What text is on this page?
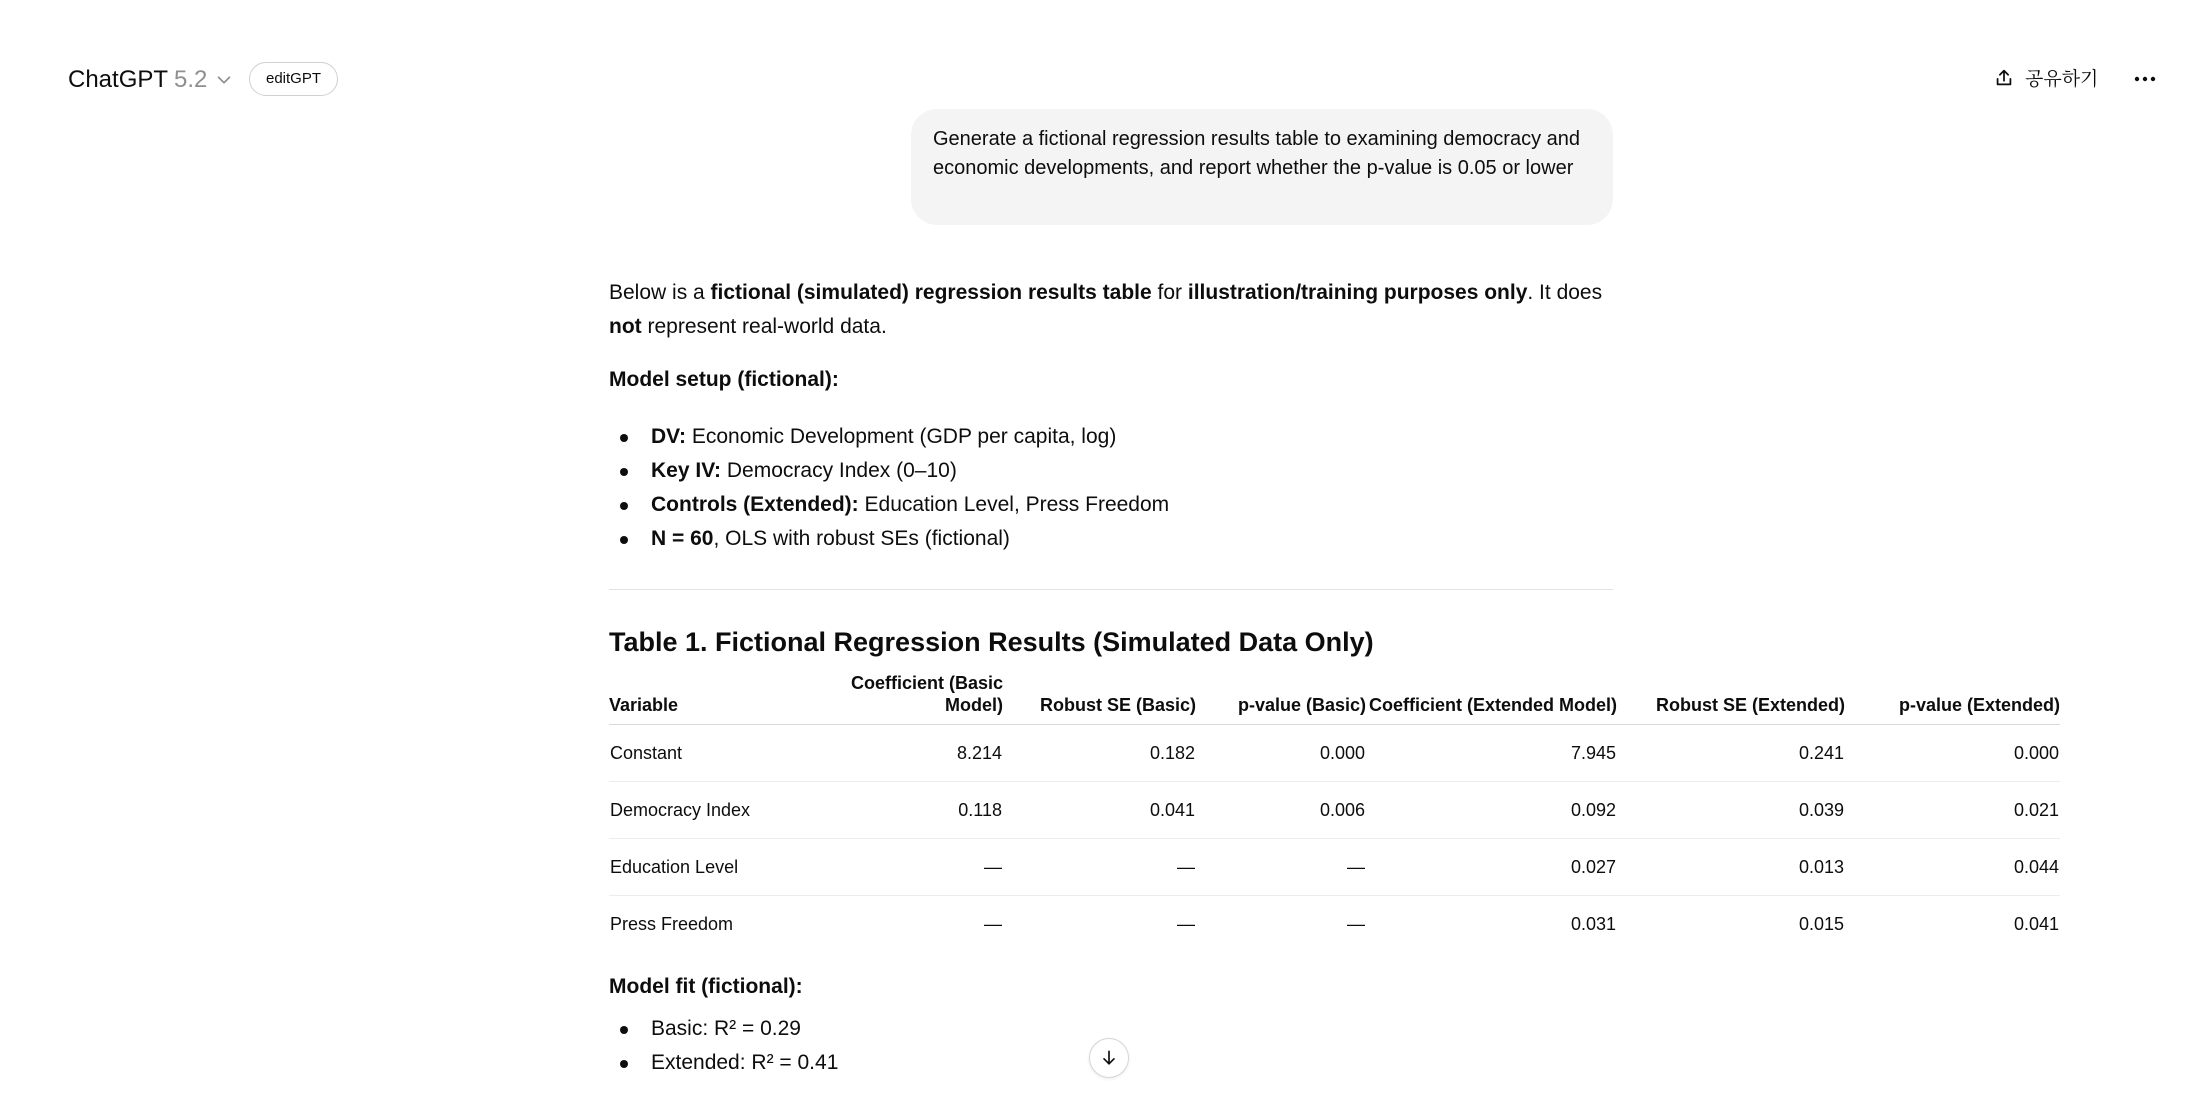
ChatGPT 5.2	editGPT	공유하기
Generate a fictional regression results table to examining democracy and economic developments, and report whether the p-value is 0.05 or lower
Below is a fictional (simulated) regression results table for illustration/training purposes only. It does not represent real-world data.
Model setup (fictional):
DV: Economic Development (GDP per capita, log)
Key IV: Democracy Index (0–10)
Controls (Extended): Education Level, Press Freedom
N = 60, OLS with robust SEs (fictional)
Table 1. Fictional Regression Results (Simulated Data Only)
Variable	Coefficient (Basic Model)	Robust SE (Basic)	p-value (Basic)	Coefficient (Extended Model)	Robust SE (Extended)	p-value (Extended)
Constant	8.214	0.182	0.000	7.945	0.241	0.000
Democracy Index	0.118	0.041	0.006	0.092	0.039	0.021
Education Level	—	—	—	0.027	0.013	0.044
Press Freedom	—	—	—	0.031	0.015	0.041
Model fit (fictional):
Basic: R² = 0.29
Extended: R² = 0.41
